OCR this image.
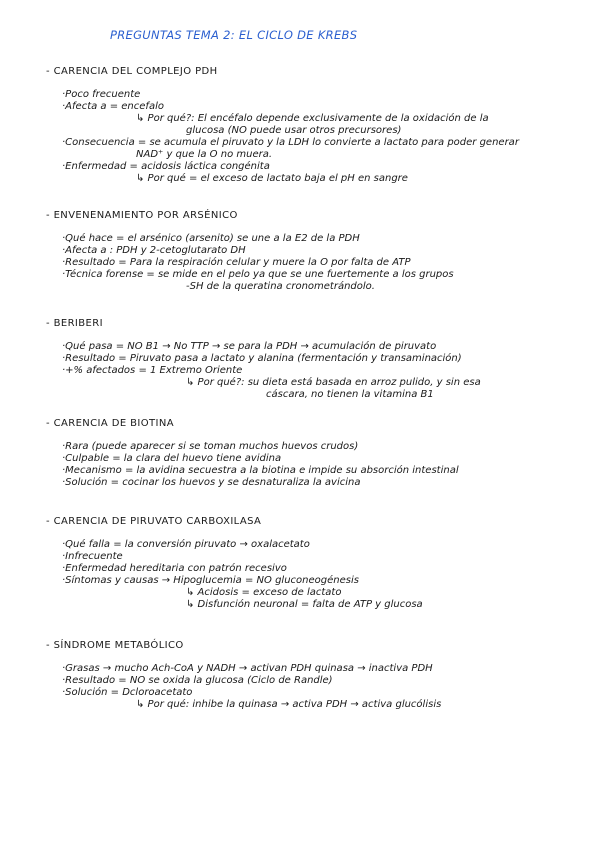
PREGUNTAS TEMA 2: EL CICLO DE KREBS
- CARENCIA DEL COMPLEJO PDH
·Poco frecuente
·Afecta a = encefalo
↳ Por qué?: El encéfalo depende exclusivamente de la oxidación de la
glucosa (NO puede usar otros precursores)
·Consecuencia = se acumula el piruvato y la LDH lo convierte a lactato para poder generar
NAD⁺ y que la O no muera.
·Enfermedad = acidosis láctica congénita
↳ Por qué = el exceso de lactato baja el pH en sangre
- ENVENENAMIENTO POR ARSÉNICO
·Qué hace = el arsénico (arsenito) se une a la E2 de la PDH
·Afecta a : PDH y 2-cetoglutarato DH
·Resultado = Para la respiración celular y muere la O por falta de ATP
·Técnica forense = se mide en el pelo ya que se une fuertemente a los grupos
-SH de la queratina cronometrándolo.
- BERIBERI
·Qué pasa = NO B1 → No TTP → se para la PDH → acumulación de piruvato
·Resultado = Piruvato pasa a lactato y alanina (fermentación y transaminación)
·+% afectados = 1 Extremo Oriente
↳ Por qué?: su dieta está basada en arroz pulido, y sin esa
cáscara, no tienen la vitamina B1
- CARENCIA DE BIOTINA
·Rara (puede aparecer si se toman muchos huevos crudos)
·Culpable = la clara del huevo tiene avidina
·Mecanismo = la avidina secuestra a la biotina e impide su absorción intestinal
·Solución = cocinar los huevos y se desnaturaliza la avicina
- CARENCIA DE PIRUVATO CARBOXILASA
·Qué falla = la conversión piruvato → oxalacetato
·Infrecuente
·Enfermedad hereditaria con patrón recesivo
·Síntomas y causas → Hipoglucemia = NO gluconeogénesis
↳ Acidosis = exceso de lactato
↳ Disfunción neuronal = falta de ATP y glucosa
- SÍNDROME METABÓLICO
·Grasas → mucho Ach-CoA y NADH → activan PDH quinasa → inactiva PDH
·Resultado = NO se oxida la glucosa (Ciclo de Randle)
·Solución = Dcloroacetato
↳ Por qué: inhibe la quinasa → activa PDH → activa glucólisis
